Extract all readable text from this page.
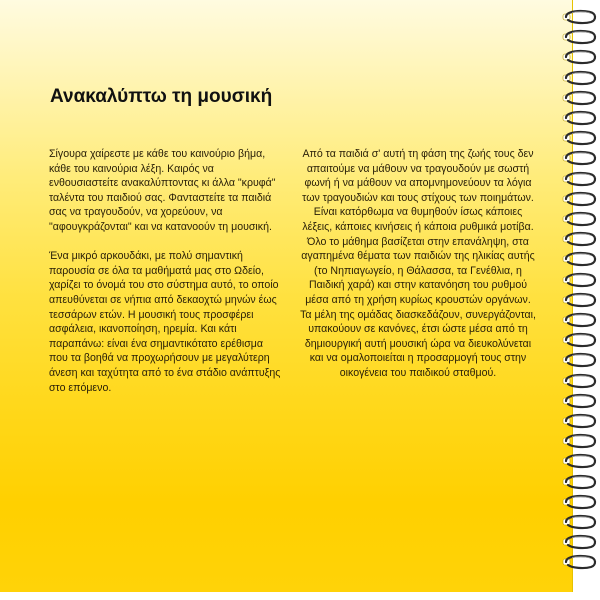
Ανακαλύπτω τη μουσική

Σίγουρα χαίρεστε με κάθε του καινούριο βήμα, κάθε του καινούρια λέξη. Καιρός να ενθουσιαστείτε ανακαλύπτοντας κι άλλα "κρυφά" ταλέντα του παιδιού σας. Φανταστείτε τα παιδιά σας να τραγουδούν, να χορεύουν, να "αφουγκράζονται" και να κατανοούν τη μουσική.

Ένα μικρό αρκουδάκι, με πολύ σημαντική παρουσία σε όλα τα μαθήματά μας στο Ωδείο, χαρίζει το όνομά του στο σύστημα αυτό, το οποίο απευθύνεται σε νήπια από δεκαοχτώ μηνών έως τεσσάρων ετών. Η μουσική τους προσφέρει ασφάλεια, ικανοποίηση, ηρεμία. Και κάτι παραπάνω: είναι ένα σημαντικότατο ερέθισμα που τα βοηθά να προχωρήσουν με μεγαλύτερη άνεση και ταχύτητα από το ένα στάδιο ανάπτυξης στο επόμενο.

Από τα παιδιά σ' αυτή τη φάση της ζωής τους δεν απαιτούμε να μάθουν να τραγουδούν με σωστή φωνή ή να μάθουν να απομνημονεύουν τα λόγια των τραγουδιών και τους στίχους των ποιημάτων. Είναι κατόρθωμα να θυμηθούν ίσως κάποιες λέξεις, κάποιες κινήσεις ή κάποια ρυθμικά μοτίβα. Όλο το μάθημα βασίζεται στην επανάληψη, στα αγαπημένα θέματα των παιδιών της ηλικίας αυτής (το Νηπιαγωγείο, η Θάλασσα, τα Γενέθλια, η Παιδική χαρά) και στην κατανόηση του ρυθμού μέσα από τη χρήση κυρίως κρουστών οργάνων. Τα μέλη της ομάδας διασκεδάζουν, συνεργάζονται, υπακούουν σε κανόνες, έτσι ώστε μέσα από τη δημιουργική αυτή μουσική ώρα να διευκολύνεται και να ομαλοποιείται η προσαρμογή τους στην οικογένεια του παιδικού σταθμού.
